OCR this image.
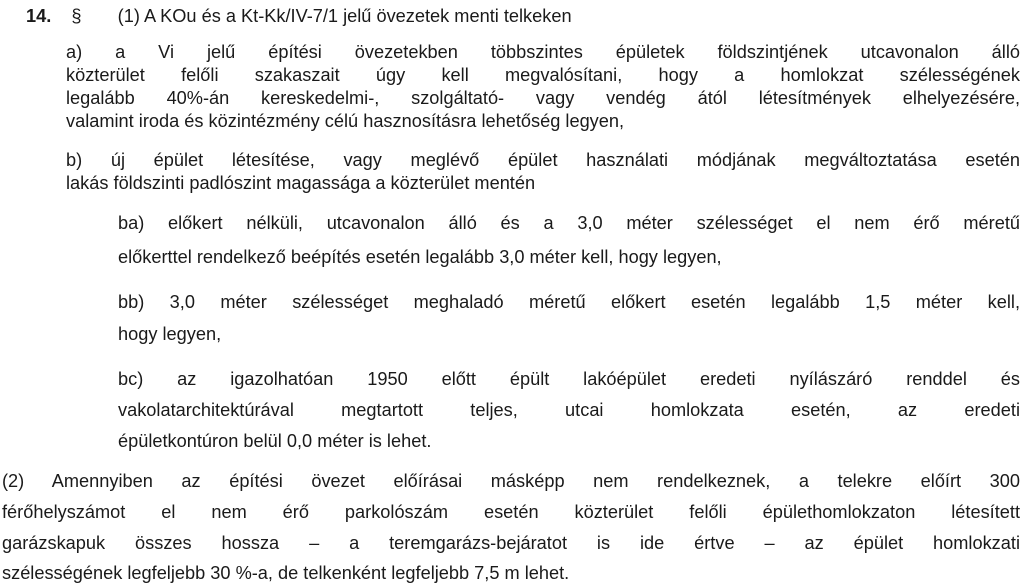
14. § (1) A KOu és a Kt-Kk/IV-7/1 jelű övezetek menti telkeken
a) a Vi jelű építési övezetekben többszintes épületek földszintjének utcavonalon álló
közterület felőli szakaszait úgy kell megvalósítani, hogy a homlokzat szélességének
legalább 40%-án kereskedelmi-, szolgáltató- vagy vendég ától létesítmények elhelyezésére,
valamint iroda és közintézmény célú hasznosításra lehetőség legyen,
b) új épület létesítése, vagy meglévő épület használati módjának megváltoztatása esetén
lakás földszinti padlószint magassága a közterület mentén
ba) előkert nélküli, utcavonalon álló és a 3,0 méter szélességet el nem érő méretű
előkerttel rendelkező beépítés esetén legalább 3,0 méter kell, hogy legyen,
bb) 3,0 méter szélességet meghaladó méretű előkert esetén legalább 1,5 méter kell,
hogy legyen,
bc) az igazolhatóan 1950 előtt épült lakóépület eredeti nyílászáró renddel és
vakolatarchitektúrával megtartott teljes, utcai homlokzata esetén, az eredeti
épületkontúron belül 0,0 méter is lehet.
(2) Amennyiben az építési övezet előírásai másképp nem rendelkeznek, a telekre előírt 300
férőhelyszámot el nem érő parkolószám esetén közterület felőli épülethomlokzaton létesített
garázskapuk összes hossza – a teremgarázs-bejáratot is ide értve – az épület homlokzati
szélességének legfeljebb 30 %-a, de telkenként legfeljebb 7,5 m lehet.
